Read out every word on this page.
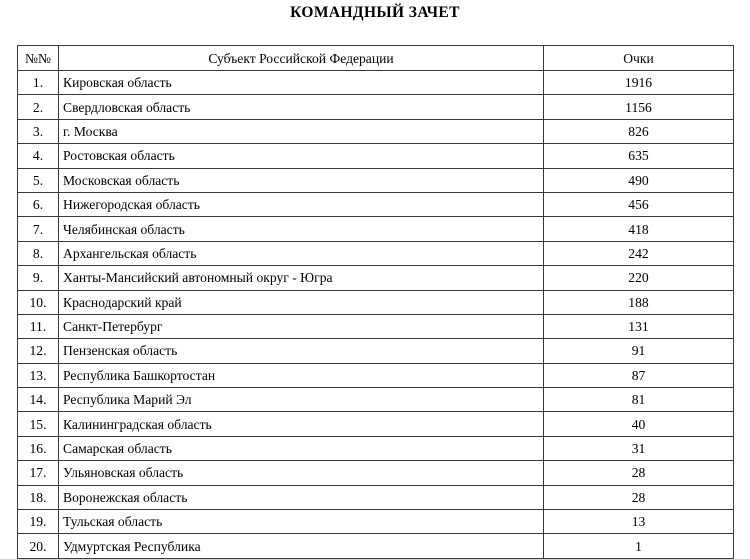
КОМАНДНЫЙ ЗАЧЕТ
№№	Субъект Российской Федерации	Очки
1.	Кировская область	1916
2.	Свердловская область	1156
3.	г. Москва	826
4.	Ростовская область	635
5.	Московская область	490
6.	Нижегородская область	456
7.	Челябинская область	418
8.	Архангельская область	242
9.	Ханты-Мансийский автономный округ - Югра	220
10.	Краснодарский край	188
11.	Санкт-Петербург	131
12.	Пензенская область	91
13.	Республика Башкортостан	87
14.	Республика Марий Эл	81
15.	Калининградская область	40
16.	Самарская область	31
17.	Ульяновская область	28
18.	Воронежская область	28
19.	Тульская область	13
20.	Удмуртская Республика	1
